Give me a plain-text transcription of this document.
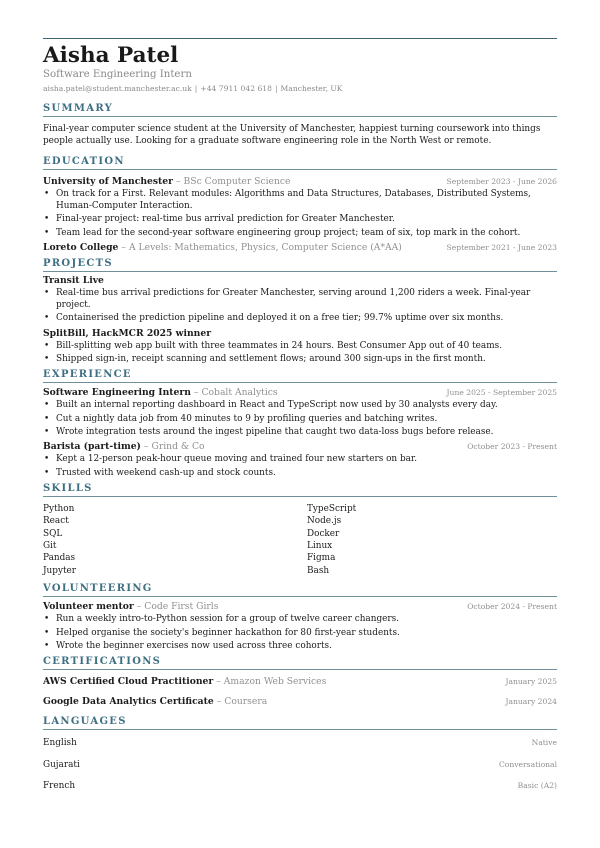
Aisha Patel
Software Engineering Intern
aisha.patel@student.manchester.ac.uk | +44 7911 042 618 | Manchester, UK
SUMMARY
Final-year computer science student at the University of Manchester, happiest turning coursework into things people actually use. Looking for a graduate software engineering role in the North West or remote.
EDUCATION
University of Manchester – BSc Computer Science	September 2023 - June 2026
• On track for a First. Relevant modules: Algorithms and Data Structures, Databases, Distributed Systems, Human-Computer Interaction.
• Final-year project: real-time bus arrival prediction for Greater Manchester.
• Team lead for the second-year software engineering group project; team of six, top mark in the cohort.
Loreto College – A Levels: Mathematics, Physics, Computer Science (A*AA)	September 2021 - June 2023
PROJECTS
Transit Live
• Real-time bus arrival predictions for Greater Manchester, serving around 1,200 riders a week. Final-year project.
• Containerised the prediction pipeline and deployed it on a free tier; 99.7% uptime over six months.
SplitBill, HackMCR 2025 winner
• Bill-splitting web app built with three teammates in 24 hours. Best Consumer App out of 40 teams.
• Shipped sign-in, receipt scanning and settlement flows; around 300 sign-ups in the first month.
EXPERIENCE
Software Engineering Intern – Cobalt Analytics	June 2025 - September 2025
• Built an internal reporting dashboard in React and TypeScript now used by 30 analysts every day.
• Cut a nightly data job from 40 minutes to 9 by profiling queries and batching writes.
• Wrote integration tests around the ingest pipeline that caught two data-loss bugs before release.
Barista (part-time) – Grind & Co	October 2023 - Present
• Kept a 12-person peak-hour queue moving and trained four new starters on bar.
• Trusted with weekend cash-up and stock counts.
SKILLS
Python	TypeScript
React	Node.js
SQL	Docker
Git	Linux
Pandas	Figma
Jupyter	Bash
VOLUNTEERING
Volunteer mentor – Code First Girls	October 2024 - Present
• Run a weekly intro-to-Python session for a group of twelve career changers.
• Helped organise the society's beginner hackathon for 80 first-year students.
• Wrote the beginner exercises now used across three cohorts.
CERTIFICATIONS
AWS Certified Cloud Practitioner – Amazon Web Services	January 2025
Google Data Analytics Certificate – Coursera	January 2024
LANGUAGES
English	Native
Gujarati	Conversational
French	Basic (A2)
